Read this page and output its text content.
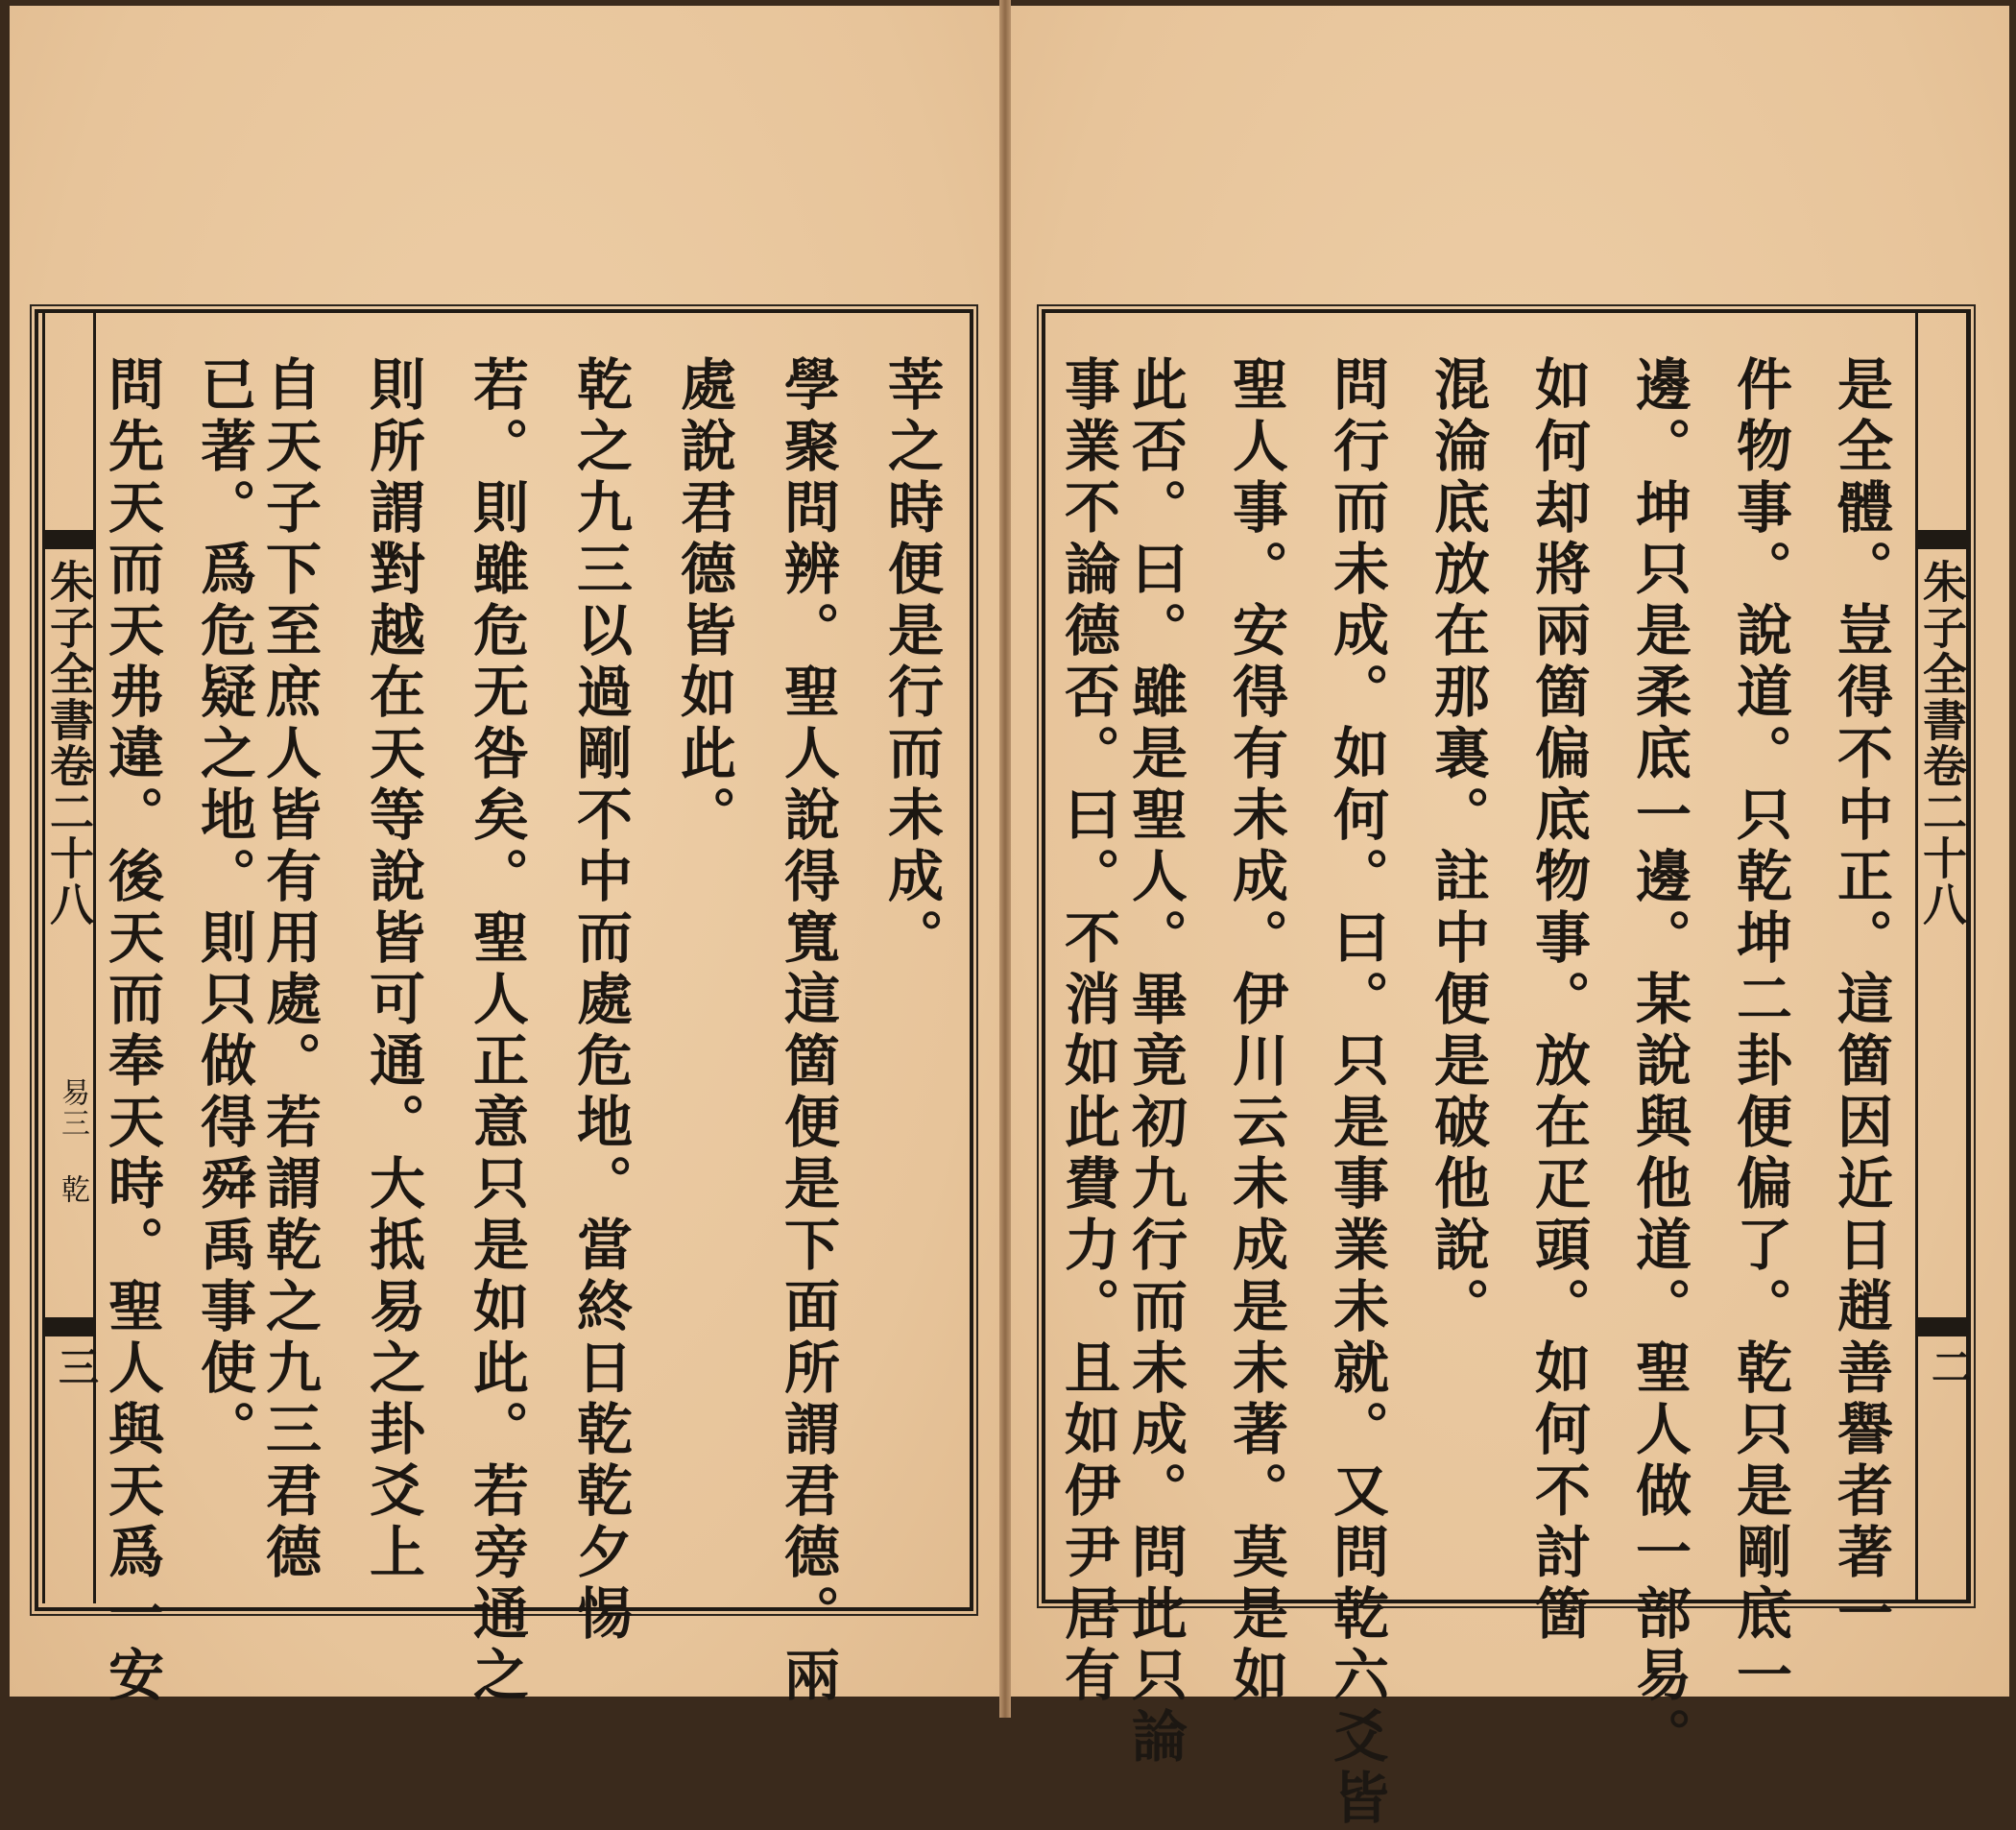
朱子全書卷二十八
易三 乾
三
朱子全書卷二十八
二
莘之時便是行而未成。
學聚問辨。聖人說得寬這箇便是下面所謂君德。兩
處說君德皆如此。
乾之九三以過剛不中而處危地。當終日乾乾夕惕
若。則雖危无咎矣。聖人正意只是如此。若旁通之
則所謂對越在天等說皆可通。大抵易之卦爻上
自天子下至庶人皆有用處。若謂乾之九三君德
已著。爲危疑之地。則只做得舜禹事使。
問先天而天弗違。後天而奉天時。聖人與天爲一安	是全體。豈得不中正。這箇因近日趙善譽者著一
件物事。說道。只乾坤二卦便偏了。乾只是剛底一
邊。坤只是柔底一邊。某說與他道。聖人做一部易。
如何却將兩箇偏底物事。放在疋頭。如何不討箇
混淪底放在那裏。註中便是破他說。
問行而未成。如何。曰。只是事業未就。又問乾六爻皆
聖人事。安得有未成。伊川云未成是未著。莫是如
此否。曰。雖是聖人。畢竟初九行而未成。問此只論
事業不論德否。曰。不消如此費力。且如伊尹居有
